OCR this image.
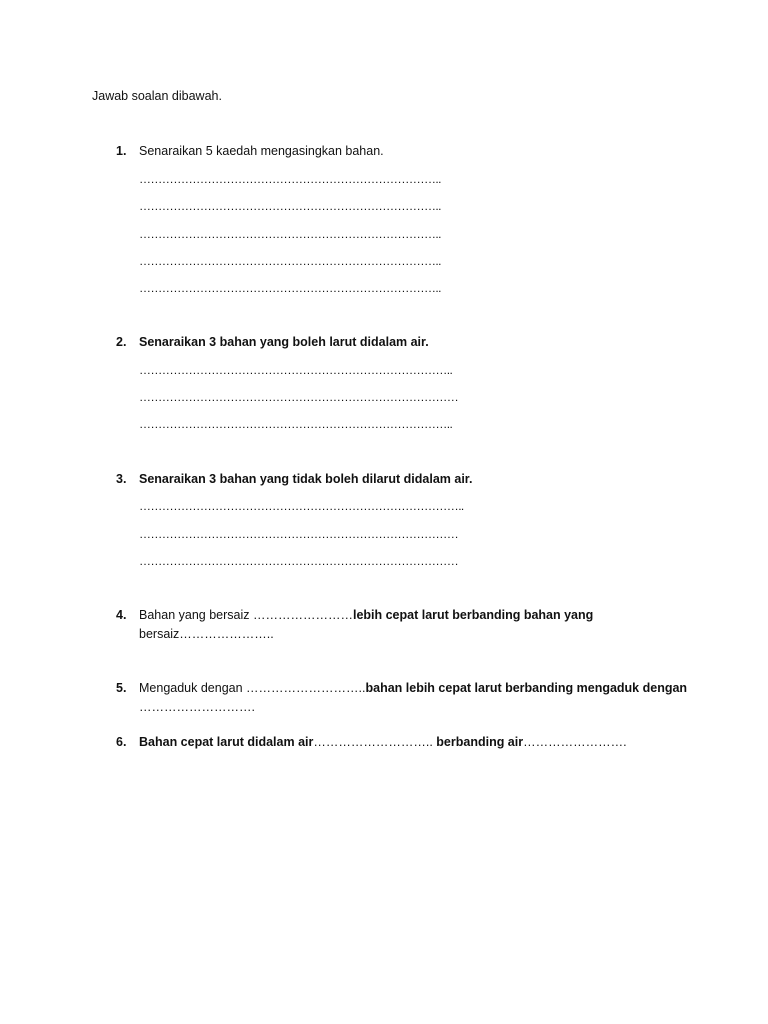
Jawab soalan dibawah.
1. Senaraikan 5 kaedah mengasingkan bahan.
……………………………………………………………………..
……………………………………………………………………..
……………………………………………………………………..
……………………………………………………………………..
……………………………………………………………………..
2. Senaraikan 3 bahan yang boleh larut didalam air.
………………………………………………………………………..
…………………………………………………………………………
………………………………………………………………………..
3. Senaraikan 3 bahan yang tidak boleh dilarut didalam air.
…………………………………………………………………………..
…………………………………………………………………………
…………………………………………………………………………
4. Bahan yang bersaiz ……………………lebih cepat larut berbanding bahan yang
bersaiz…………………..
5. Mengaduk dengan ………………………..bahan lebih cepat larut berbanding mengaduk dengan
……………………….
6. Bahan cepat larut didalam air……………………….. berbanding air…………………….
